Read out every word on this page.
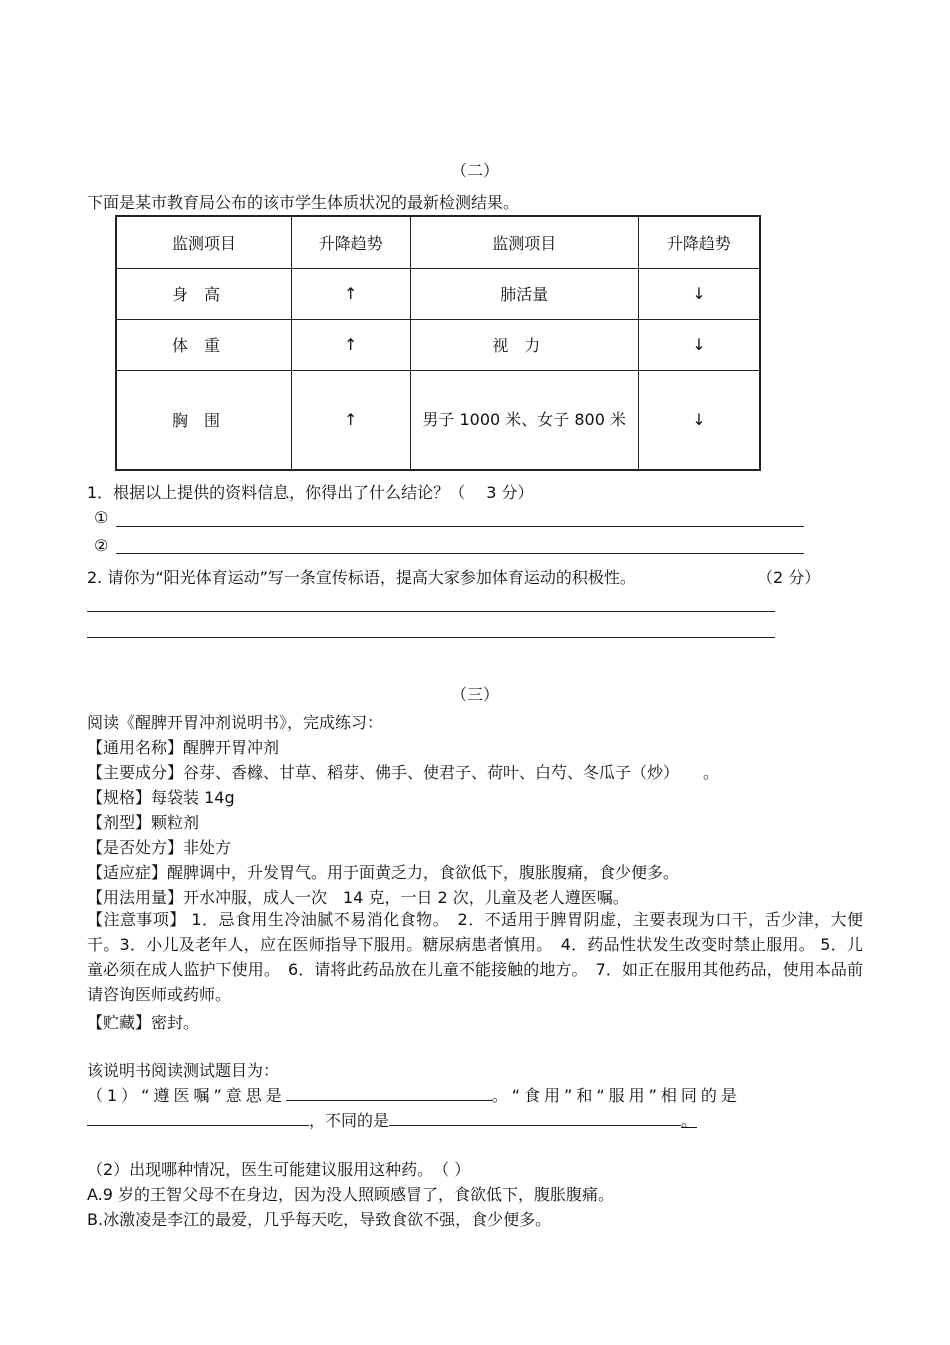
（二）
下面是某市教育局公布的该市学生体质状况的最新检测结果。
监测项目	升降趋势	监测项目	升降趋势
身高	↑	肺活量	↓
体重	↑	视力	↓
胸围	↑	男子 1000 米、女子 800 米	↓
1．根据以上提供的资料信息，你得出了什么结论？（　 3 分）
①
②
2. 请你为“阳光体育运动”写一条宣传标语，提高大家参加体育运动的积极性。	（2 分）
（三）
阅读《醒脾开胃冲剂说明书》，完成练习：
【通用名称】醒脾开胃冲剂
【主要成分】谷芽、香橼、甘草、稻芽、佛手、使君子、荷叶、白芍、冬瓜子（炒）　　。
【规格】每袋装 14g
【剂型】颗粒剂
【是否处方】非处方
【适应症】醒脾调中，升发胃气。用于面黄乏力，食欲低下，腹胀腹痛，食少便多。
【用法用量】开水冲服，成人一次　14 克，一日 2 次，儿童及老人遵医嘱。
【注意事项】 1．忌食用生冷油腻不易消化食物。　2．不适用于脾胃阴虚，主要表现为口干，舌少津，大便干。3．小儿及老年人，应在医师指导下服用。糖尿病患者慎用。　4．药品性状发生改变时禁止服用。 5．儿童必须在成人监护下使用。　6．请将此药品放在儿童不能接触的地方。　7．如正在服用其他药品，使用本品前请咨询医师或药师。
【贮藏】密封。
该说明书阅读测试题目为：
（1）“遵医嘱”意思是	。“食用”和“服用”相同的是
，不同的是	。
（2）出现哪种情况，医生可能建议服用这种药。　（ ）
A.9 岁的王智父母不在身边，因为没人照顾感冒了，食欲低下，腹胀腹痛。
B.冰激凌是李江的最爱，几乎每天吃，导致食欲不强，食少便多。
